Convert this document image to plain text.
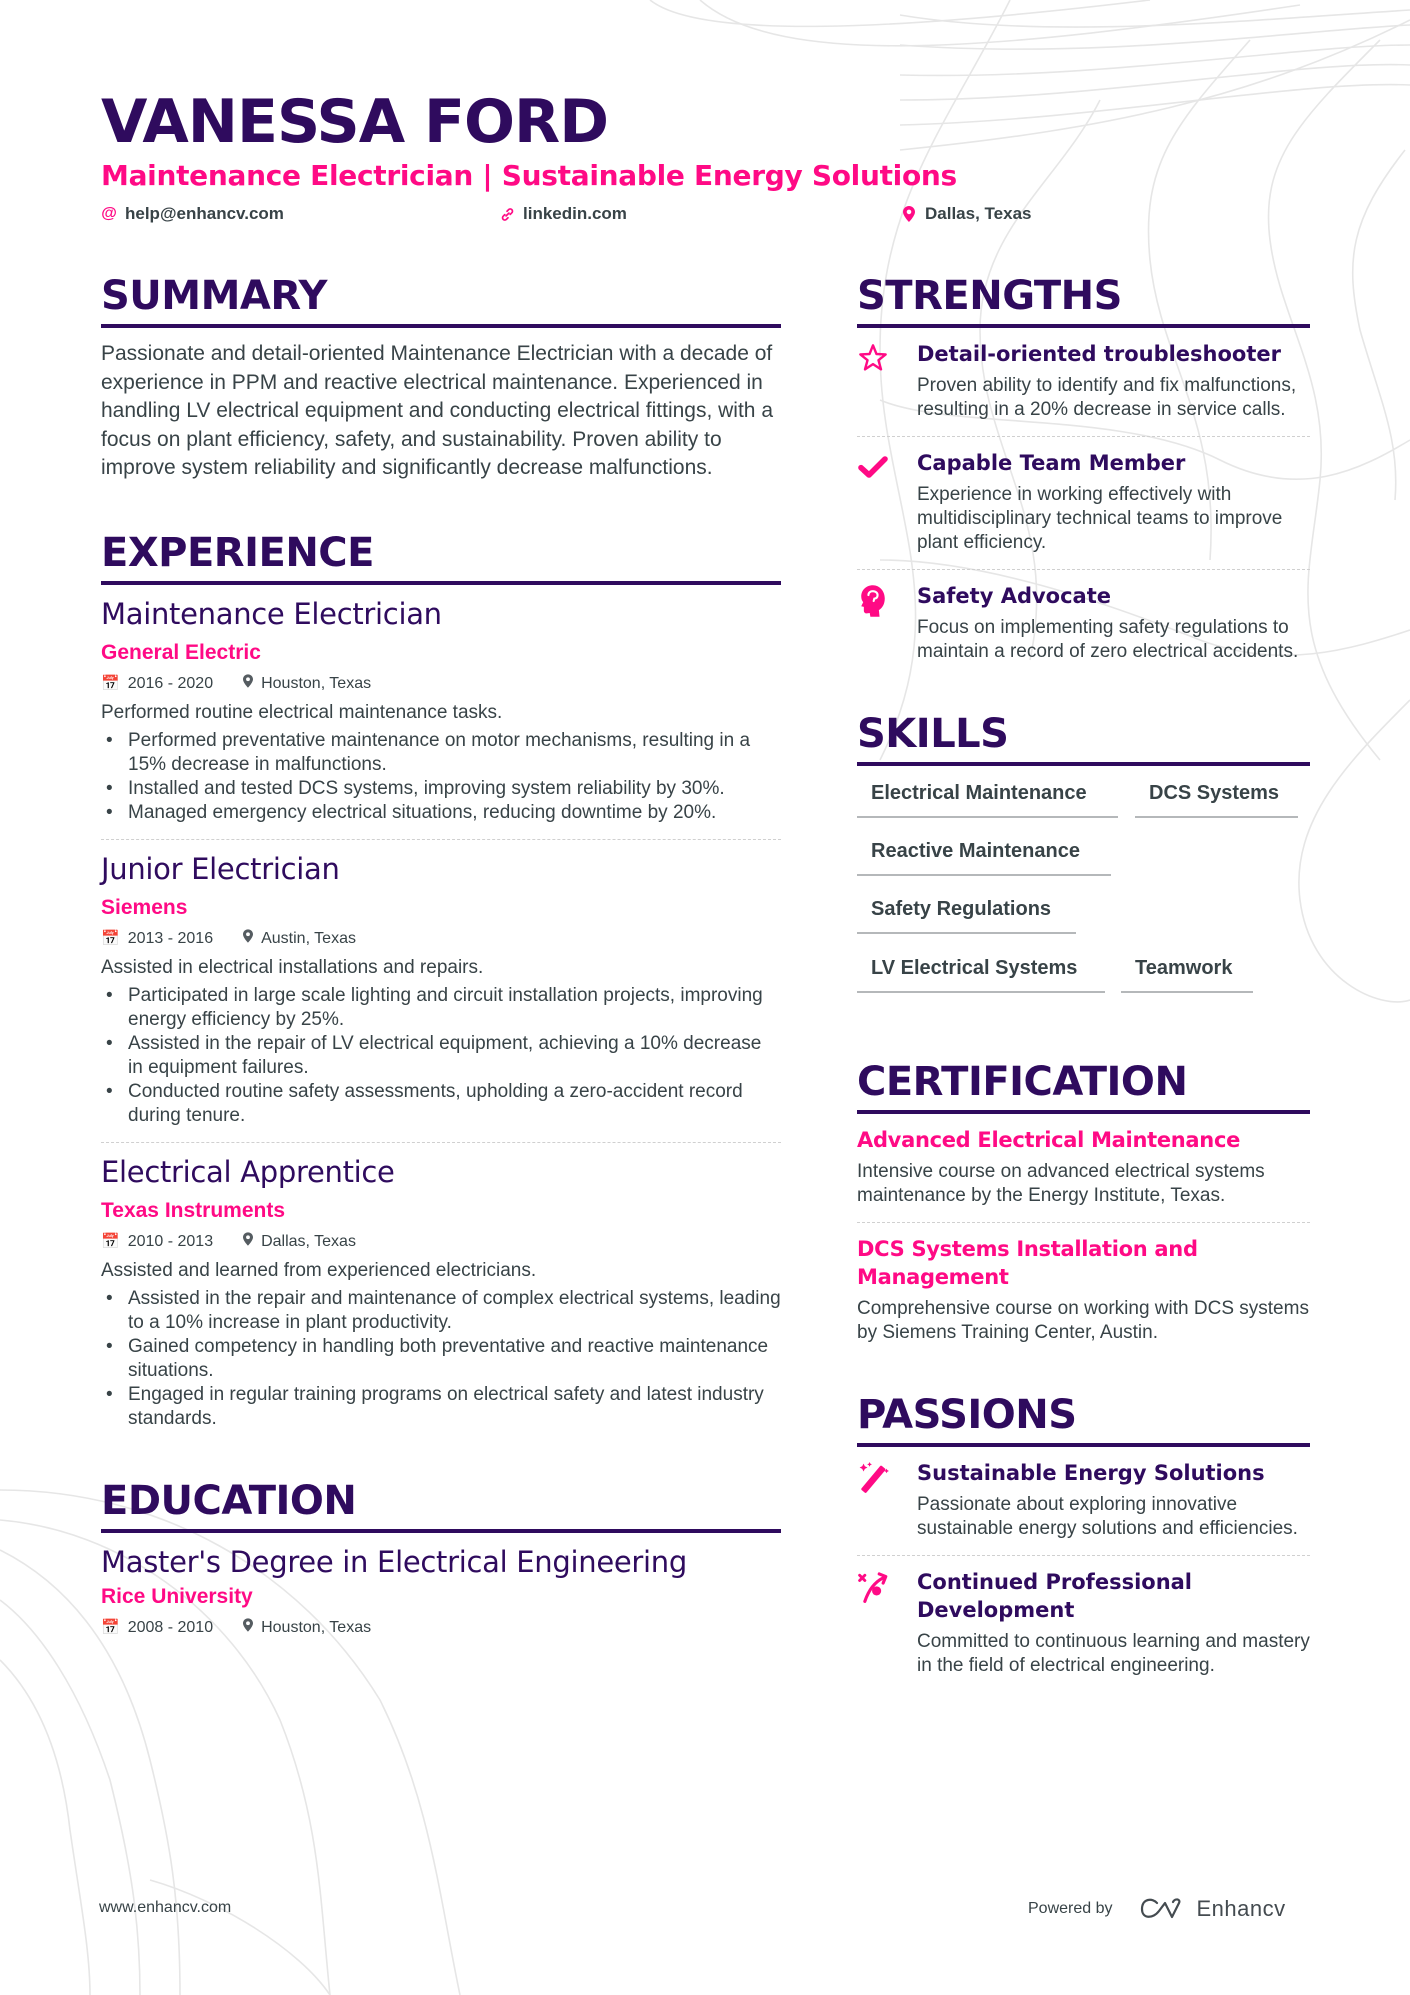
VANESSA FORD
Maintenance Electrician | Sustainable Energy Solutions
@ help@enhancv.com	linkedin.com	Dallas, Texas
SUMMARY

Passionate and detail-oriented Maintenance Electrician with a decade of experience in PPM and reactive electrical maintenance. Experienced in handling LV electrical equipment and conducting electrical fittings, with a focus on plant efficiency, safety, and sustainability. Proven ability to improve system reliability and significantly decrease malfunctions.

EXPERIENCE
Maintenance Electrician
General Electric
📅 2016 - 2020	Houston, Texas
Performed routine electrical maintenance tasks.
• Performed preventative maintenance on motor mechanisms, resulting in a 15% decrease in malfunctions.
• Installed and tested DCS systems, improving system reliability by 30%.
• Managed emergency electrical situations, reducing downtime by 20%.
Junior Electrician
Siemens
📅 2013 - 2016	Austin, Texas
Assisted in electrical installations and repairs.
• Participated in large scale lighting and circuit installation projects, improving energy efficiency by 25%.
• Assisted in the repair of LV electrical equipment, achieving a 10% decrease in equipment failures.
• Conducted routine safety assessments, upholding a zero-accident record during tenure.
Electrical Apprentice
Texas Instruments
📅 2010 - 2013	Dallas, Texas
Assisted and learned from experienced electricians.
• Assisted in the repair and maintenance of complex electrical systems, leading to a 10% increase in plant productivity.
• Gained competency in handling both preventative and reactive maintenance situations.
• Engaged in regular training programs on electrical safety and latest industry standards.
EDUCATION
Master's Degree in Electrical Engineering
Rice University
📅 2008 - 2010	Houston, Texas
STRENGTHS
Detail-oriented troubleshooter
Proven ability to identify and fix malfunctions, resulting in a 20% decrease in service calls.
Capable Team Member
Experience in working effectively with multidisciplinary technical teams to improve plant efficiency.
Safety Advocate
Focus on implementing safety regulations to maintain a record of zero electrical accidents.
SKILLS
Electrical Maintenance	DCS Systems
Reactive Maintenance
Safety Regulations
LV Electrical Systems	Teamwork
CERTIFICATION
Advanced Electrical Maintenance
Intensive course on advanced electrical systems maintenance by the Energy Institute, Texas.
DCS Systems Installation and Management
Comprehensive course on working with DCS systems by Siemens Training Center, Austin.
PASSIONS
Sustainable Energy Solutions
Passionate about exploring innovative sustainable energy solutions and efficiencies.
Continued Professional Development
Committed to continuous learning and mastery in the field of electrical engineering.
www.enhancv.com	Powered by	Enhancv
